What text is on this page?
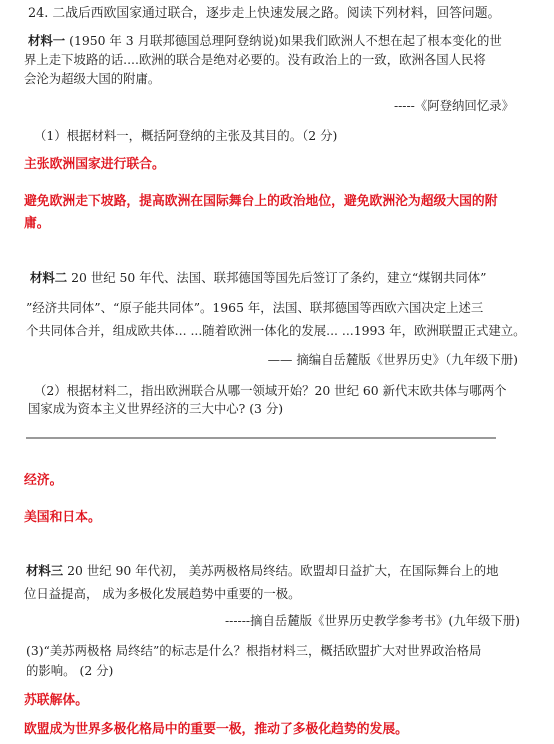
24. 二战后西欧国家通过联合，逐步走上快速发展之路。阅读下列材料，回答问题。
材料一 (1950 年 3 月联邦德国总理阿登纳说)如果我们欧洲人不想在起了根本变化的世
界上走下坡路的话....欧洲的联合是绝对必要的。没有政治上的一致，欧洲各国人民将
会沦为超级大国的附庸。
-----《阿登纳回忆录》
（1）根据材料一，概括阿登纳的主张及其目的。（2 分)
主张欧洲国家进行联合。
避免欧洲走下坡路，提高欧洲在国际舞台上的政治地位，避免欧洲沦为超级大国的附
庸。
材料二 20 世纪 50 年代、法国、联邦德国等国先后签订了条约，建立“煤钢共同体”
”经济共同体”、“原子能共同体”。1965 年，法国、联邦德国等西欧六国决定上述三
个共同体合并，组成欧共体... ...随着欧洲一体化的发展... ...1993 年，欧洲联盟正式建立。
—— 摘编自岳麓版《世界历史》（九年级下册)
（2）根据材料二，指出欧洲联合从哪一领域开始？20 世纪 60 新代末欧共体与哪两个
国家成为资本主义世界经济的三大中心? (3 分)
经济。
美国和日本。
材料三 20 世纪 90 年代初， 美苏两极格局终结。欧盟却日益扩大，在国际舞台上的地
位日益提高， 成为多极化发展趋势中重要的一极。
------摘自岳麓版《世界历史教学参考书》(九年级下册)
(3)“美苏两极格 局终结”的标志是什么？根指材料三，概括欧盟扩大对世界政治格局
的影响。 (2 分)
苏联解体。
欧盟成为世界多极化格局中的重要一极，推动了多极化趋势的发展。
